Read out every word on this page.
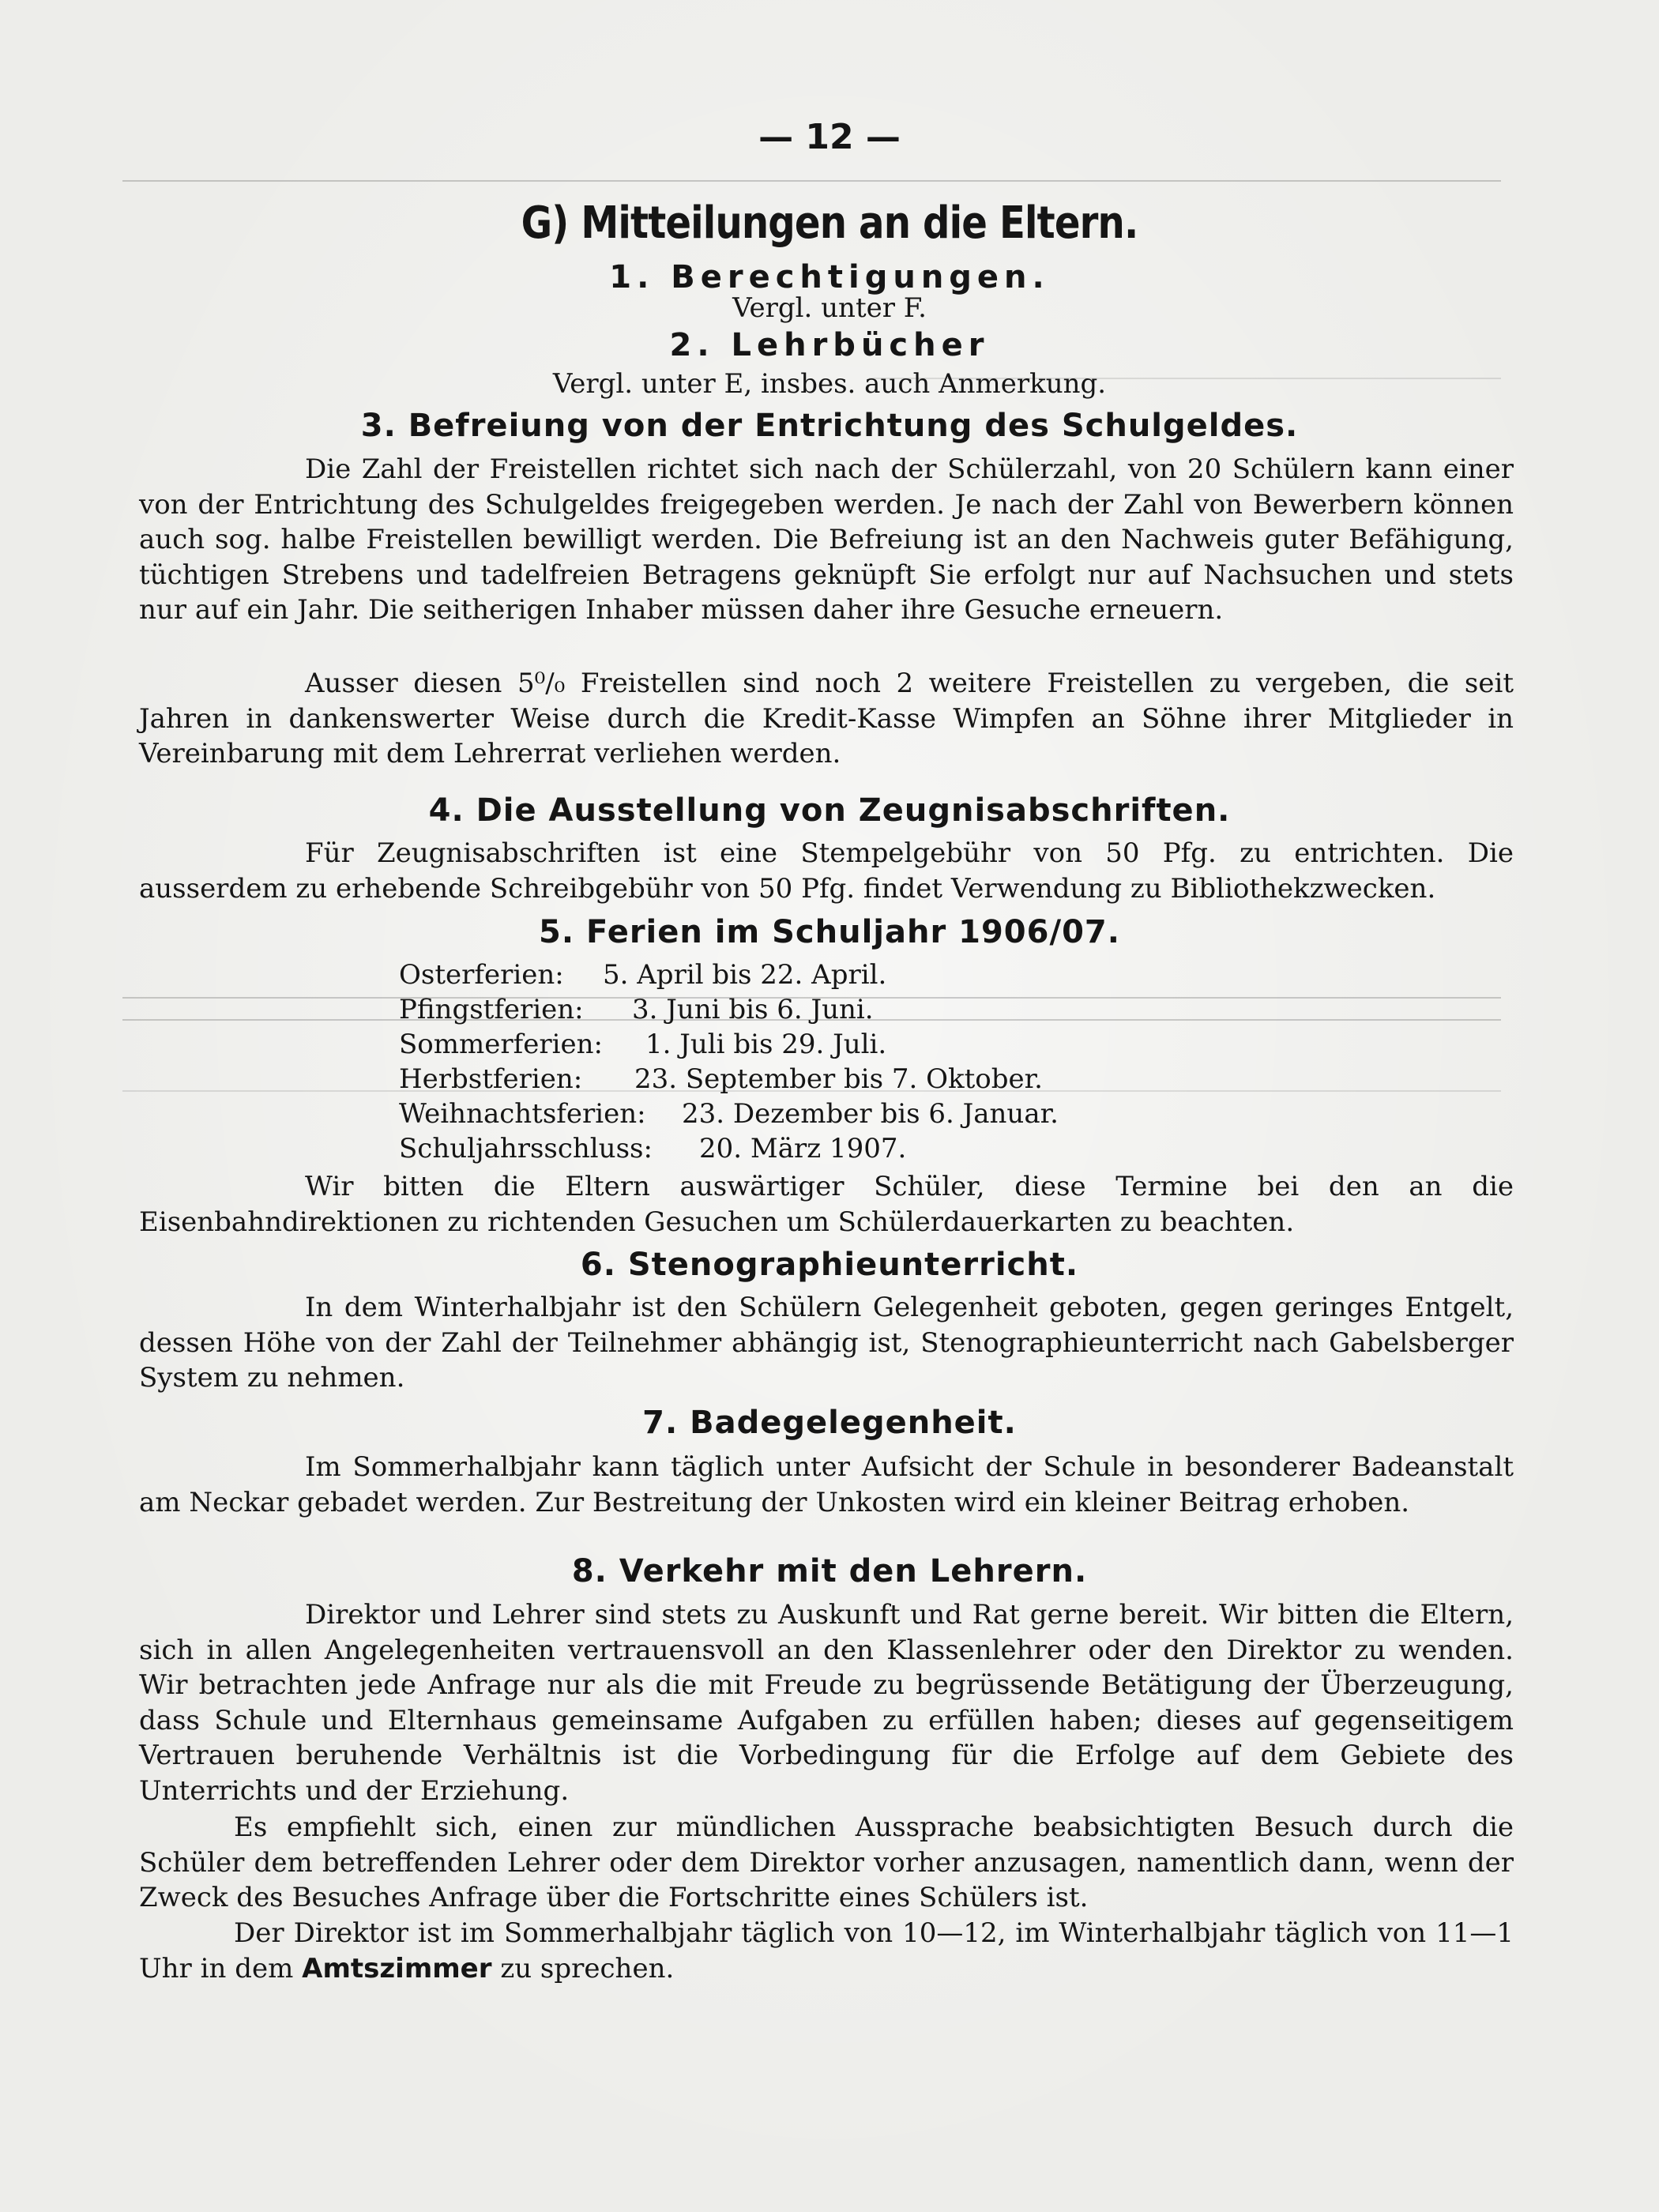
— 12 —
G) Mitteilungen an die Eltern.
1. Berechtigungen.
Vergl. unter F.
2. Lehrbücher
Vergl. unter E, insbes. auch Anmerkung.
3. Befreiung von der Entrichtung des Schulgeldes.
Die Zahl der Freistellen richtet sich nach der Schülerzahl, von 20 Schülern kann einer von der Entrichtung des Schulgeldes freigegeben werden. Je nach der Zahl von Bewerbern können auch sog. halbe Freistellen bewilligt werden. Die Befreiung ist an den Nachweis guter Befähigung, tüchtigen Strebens und tadelfreien Betragens geknüpft Sie erfolgt nur auf Nachsuchen und stets nur auf ein Jahr. Die seitherigen Inhaber müssen daher ihre Gesuche erneuern.
Ausser diesen 5⁰/₀ Freistellen sind noch 2 weitere Freistellen zu vergeben, die seit Jahren in dankenswerter Weise durch die Kredit-Kasse Wimpfen an Söhne ihrer Mitglieder in Vereinbarung mit dem Lehrerrat verliehen werden.
4. Die Ausstellung von Zeugnisabschriften.
Für Zeugnisabschriften ist eine Stempelgebühr von 50 Pfg. zu entrichten. Die ausserdem zu erhebende Schreibgebühr von 50 Pfg. findet Verwendung zu Bibliothekzwecken.
5. Ferien im Schuljahr 1906/07.
Osterferien:	5. April bis 22. April.
Pfingstferien:	3. Juni bis 6. Juni.
Sommerferien:	1. Juli bis 29. Juli.
Herbstferien:	23. September bis 7. Oktober.
Weihnachtsferien:	23. Dezember bis 6. Januar.
Schuljahrsschluss:	20. März 1907.
Wir bitten die Eltern auswärtiger Schüler, diese Termine bei den an die Eisenbahndirektionen zu richtenden Gesuchen um Schülerdauerkarten zu beachten.
6. Stenographieunterricht.
In dem Winterhalbjahr ist den Schülern Gelegenheit geboten, gegen geringes Entgelt, dessen Höhe von der Zahl der Teilnehmer abhängig ist, Stenographieunterricht nach Gabelsberger System zu nehmen.
7. Badegelegenheit.
Im Sommerhalbjahr kann täglich unter Aufsicht der Schule in besonderer Badeanstalt am Neckar gebadet werden. Zur Bestreitung der Unkosten wird ein kleiner Beitrag erhoben.
8. Verkehr mit den Lehrern.
Direktor und Lehrer sind stets zu Auskunft und Rat gerne bereit. Wir bitten die Eltern, sich in allen Angelegenheiten vertrauensvoll an den Klassenlehrer oder den Direktor zu wenden. Wir betrachten jede Anfrage nur als die mit Freude zu begrüssende Betätigung der Überzeugung, dass Schule und Elternhaus gemeinsame Aufgaben zu erfüllen haben; dieses auf gegenseitigem Vertrauen beruhende Verhältnis ist die Vorbedingung für die Erfolge auf dem Gebiete des Unterrichts und der Erziehung.
Es empfiehlt sich, einen zur mündlichen Aussprache beabsichtigten Besuch durch die Schüler dem betreffenden Lehrer oder dem Direktor vorher anzusagen, namentlich dann, wenn der Zweck des Besuches Anfrage über die Fortschritte eines Schülers ist.
Der Direktor ist im Sommerhalbjahr täglich von 10—12, im Winterhalbjahr täglich von 11—1 Uhr in dem Amtszimmer zu sprechen.
